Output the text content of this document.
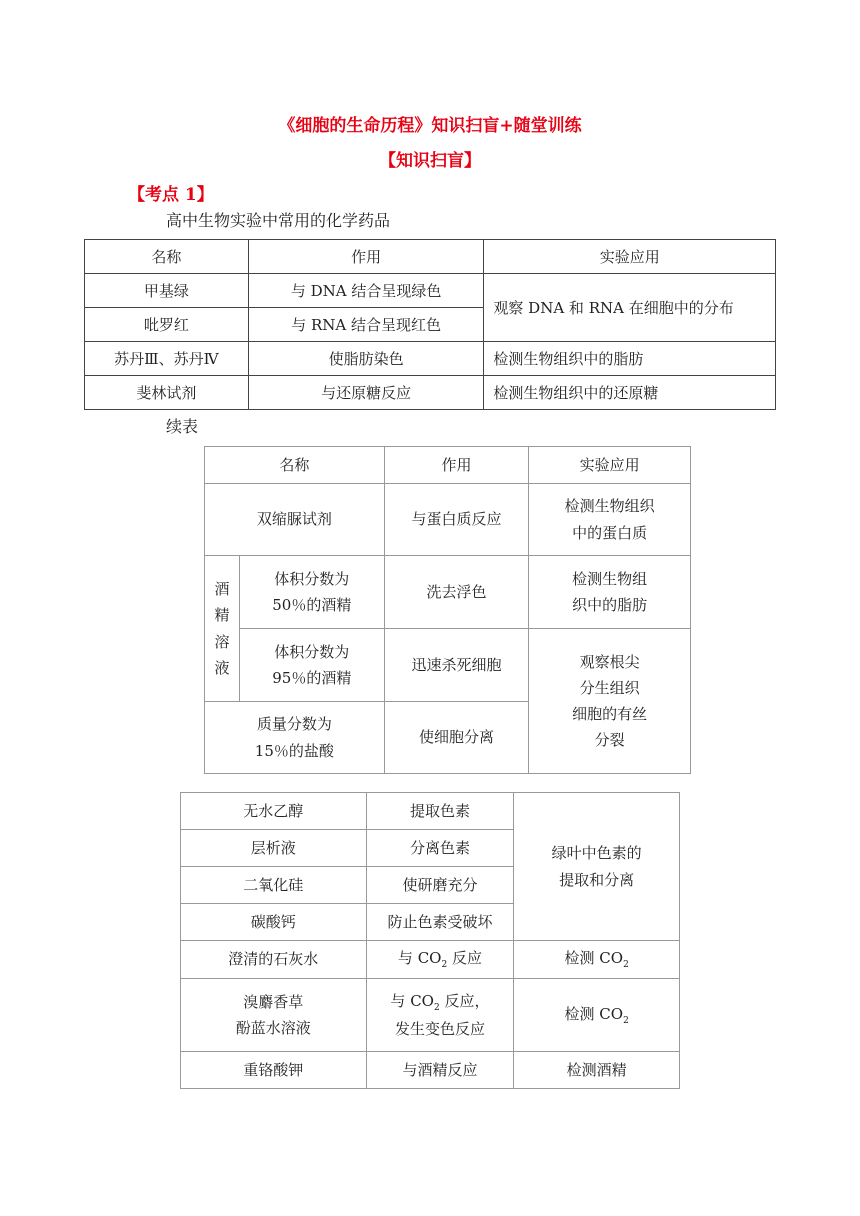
《细胞的生命历程》知识扫盲+随堂训练
【知识扫盲】
【考点 1】
高中生物实验中常用的化学药品
名称	作用	实验应用
甲基绿	与 DNA 结合呈现绿色	观察 DNA 和 RNA 在细胞中的分布
吡罗红	与 RNA 结合呈现红色	
苏丹Ⅲ、苏丹Ⅳ	使脂肪染色	检测生物组织中的脂肪
斐林试剂	与还原糖反应	检测生物组织中的还原糖
续表
名称		作用	实验应用
双缩脲试剂		与蛋白质反应	检测生物组织
中的蛋白质
酒
精
溶
液	体积分数为
50％的酒精	洗去浮色	检测生物组
织中的脂肪
	体积分数为
95％的酒精	迅速杀死细胞	观察根尖
分生组织
细胞的有丝
分裂
质量分数为
15％的盐酸		使细胞分离	
无水乙醇	提取色素	绿叶中色素的
提取和分离
层析液	分离色素	
二氧化硅	使研磨充分	
碳酸钙	防止色素受破坏	
澄清的石灰水	与 $CO_2$ 反应	检测 $CO_2$
溴麝香草
酚蓝水溶液	与 $CO_2$ 反应，
发生变色反应	检测 $CO_2$
重铬酸钾	与酒精反应	检测酒精
